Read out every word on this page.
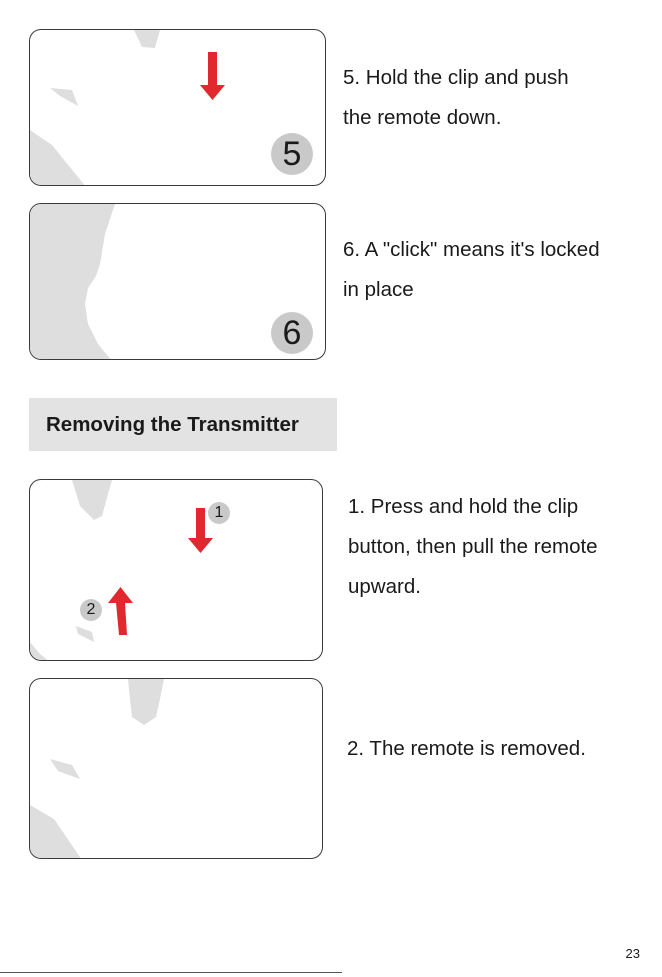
5
5. Hold the clip and push
the remote down.
6
6. A "click" means it's locked
in place
Removing the Transmitter
1
2
1. Press and hold the clip
button, then pull the remote
upward.
2. The remote is removed.
23
